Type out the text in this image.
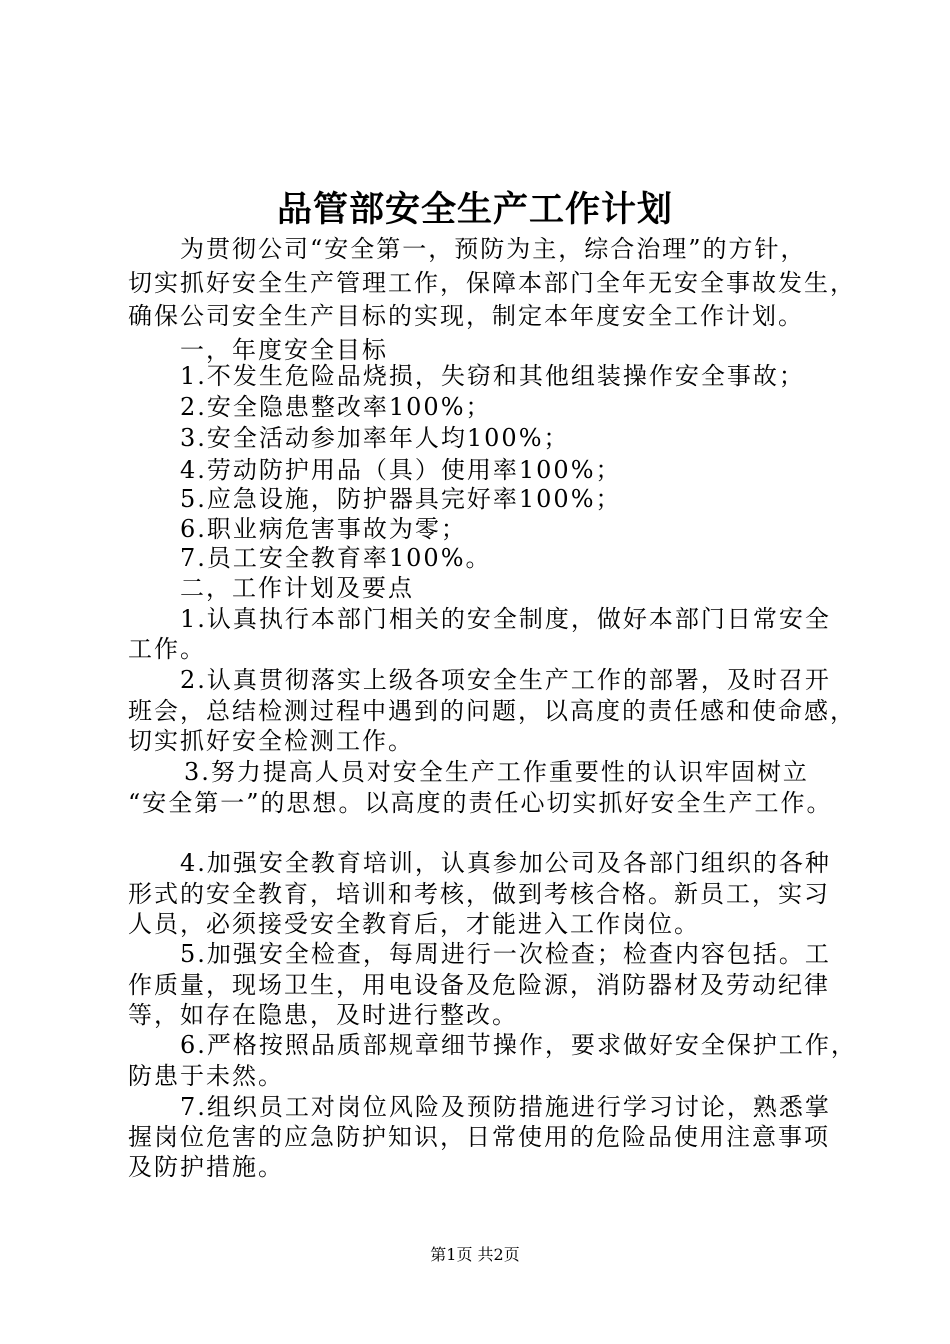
品管部安全生产工作计划
为贯彻公司“安全第一，预防为主，综合治理”的方针，
切实抓好安全生产管理工作，保障本部门全年无安全事故发生，
确保公司安全生产目标的实现，制定本年度安全工作计划。
一，年度安全目标
1.不发生危险品烧损，失窃和其他组装操作安全事故；
2.安全隐患整改率100%；
3.安全活动参加率年人均100%；
4.劳动防护用品（具）使用率100%；
5.应急设施，防护器具完好率100%；
6.职业病危害事故为零；
7.员工安全教育率100%。
二，工作计划及要点
1.认真执行本部门相关的安全制度，做好本部门日常安全
工作。
2.认真贯彻落实上级各项安全生产工作的部署，及时召开
班会，总结检测过程中遇到的问题，以高度的责任感和使命感，
切实抓好安全检测工作。
3.努力提高人员对安全生产工作重要性的认识牢固树立
“安全第一”的思想。以高度的责任心切实抓好安全生产工作。
4.加强安全教育培训，认真参加公司及各部门组织的各种
形式的安全教育，培训和考核，做到考核合格。新员工，实习
人员，必须接受安全教育后，才能进入工作岗位。
5.加强安全检查，每周进行一次检查；检查内容包括。工
作质量，现场卫生，用电设备及危险源，消防器材及劳动纪律
等，如存在隐患，及时进行整改。
6.严格按照品质部规章细节操作，要求做好安全保护工作，
防患于未然。
7.组织员工对岗位风险及预防措施进行学习讨论，熟悉掌
握岗位危害的应急防护知识，日常使用的危险品使用注意事项
及防护措施。
第1页 共2页
